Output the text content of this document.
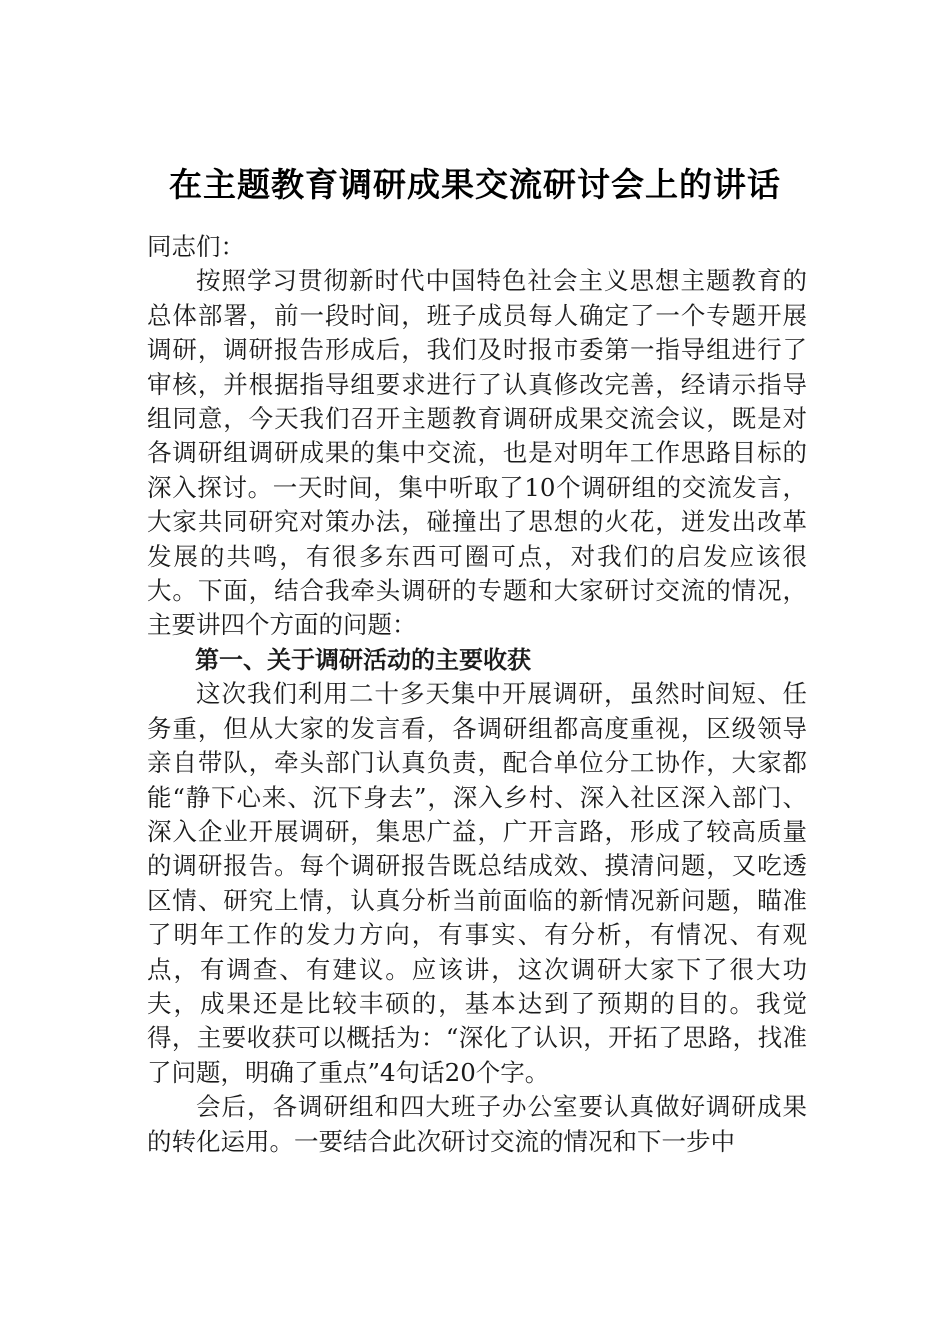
在主题教育调研成果交流研讨会上的讲话

同志们：

按照学习贯彻新时代中国特色社会主义思想主题教育的总体部署，前一段时间，班子成员每人确定了一个专题开展调研，调研报告形成后，我们及时报市委第一指导组进行了审核，并根据指导组要求进行了认真修改完善，经请示指导组同意，今天我们召开主题教育调研成果交流会议，既是对各调研组调研成果的集中交流，也是对明年工作思路目标的深入探讨。一天时间，集中听取了10个调研组的交流发言，大家共同研究对策办法，碰撞出了思想的火花，迸发出改革发展的共鸣，有很多东西可圈可点，对我们的启发应该很大。下面，结合我牵头调研的专题和大家研讨交流的情况，主要讲四个方面的问题：

第一、关于调研活动的主要收获

这次我们利用二十多天集中开展调研，虽然时间短、任务重，但从大家的发言看，各调研组都高度重视，区级领导亲自带队，牵头部门认真负责，配合单位分工协作，大家都能“静下心来、沉下身去”，深入乡村、深入社区深入部门、深入企业开展调研，集思广益，广开言路，形成了较高质量的调研报告。每个调研报告既总结成效、摸清问题，又吃透区情、研究上情，认真分析当前面临的新情况新问题，瞄准了明年工作的发力方向，有事实、有分析，有情况、有观点，有调查、有建议。应该讲，这次调研大家下了很大功夫，成果还是比较丰硕的，基本达到了预期的目的。我觉得，主要收获可以概括为：“深化了认识，开拓了思路，找准了问题，明确了重点”4句话20个字。

会后，各调研组和四大班子办公室要认真做好调研成果的转化运用。一要结合此次研讨交流的情况和下一步中
